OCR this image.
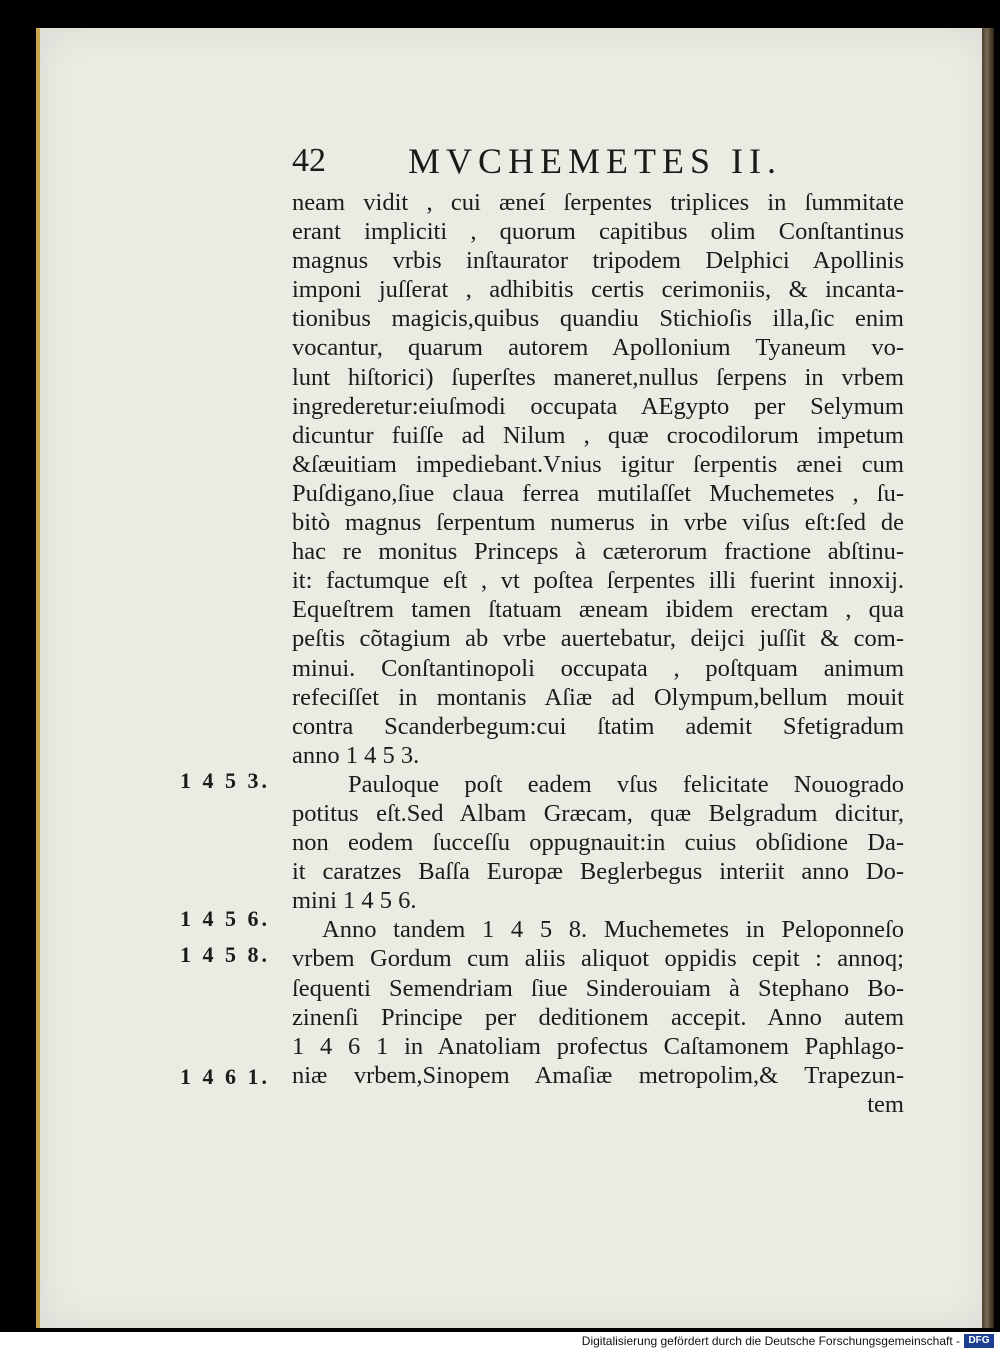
42 MVCHEMETES II.
neam vidit , cui æneí ſerpentes triplices in ſummitate
erant impliciti , quorum capitibus olim Conſtantinus
magnus vrbis inſtaurator tripodem Delphici Apollinis
imponi juſſerat , adhibitis certis cerimoniis, & incanta-
tionibus magicis,quibus quandiu Stichioſis illa,ſic enim
vocantur, quarum autorem Apollonium Tyaneum vo-
lunt hiſtorici) ſuperſtes maneret,nullus ſerpens in vrbem
ingrederetur:eiuſmodi occupata AEgypto per Selymum
dicuntur fuiſſe ad Nilum , quæ crocodilorum impetum
&ſæuitiam impediebant.Vnius igitur ſerpentis ænei cum
Puſdigano,ſiue claua ferrea mutilaſſet Muchemetes , ſu-
bitò magnus ſerpentum numerus in vrbe viſus eſt:ſed de
hac re monitus Princeps à cæterorum fractione abſtinu-
it: factumque eſt , vt poſtea ſerpentes illi fuerint innoxij.
Equeſtrem tamen ſtatuam æneam ibidem erectam , qua
peſtis cõtagium ab vrbe auertebatur, deijci juſſit & com-
minui. Conſtantinopoli occupata , poſtquam animum
refeciſſet in montanis Aſiæ ad Olympum,bellum mouit
contra Scanderbegum:cui ſtatim ademit Sfetigradum
anno 1 4 5 3.
Pauloque poſt eadem vſus felicitate Nouogrado
potitus eſt.Sed Albam Græcam, quæ Belgradum dicitur,
non eodem ſucceſſu oppugnauit:in cuius obſidione Da-
it caratzes Baſſa Europæ Beglerbegus interiit anno Do-
mini 1 4 5 6.
Anno tandem 1 4 5 8. Muchemetes in Peloponneſo
vrbem Gordum cum aliis aliquot oppidis cepit : annoq;
ſequenti Semendriam ſiue Sinderouiam à Stephano Bo-
zinenſi Principe per deditionem accepit. Anno autem
1 4 6 1 in Anatoliam profectus Caſtamonem Paphlago-
niæ vrbem,Sinopem Amaſiæ metropolim,& Trapezun-
tem
1 4 5 3.
1 4 5 6.
1 4 5 8.
1 4 6 1.
Digitalisierung gefördert durch die Deutsche Forschungsgemeinschaft - DFG
